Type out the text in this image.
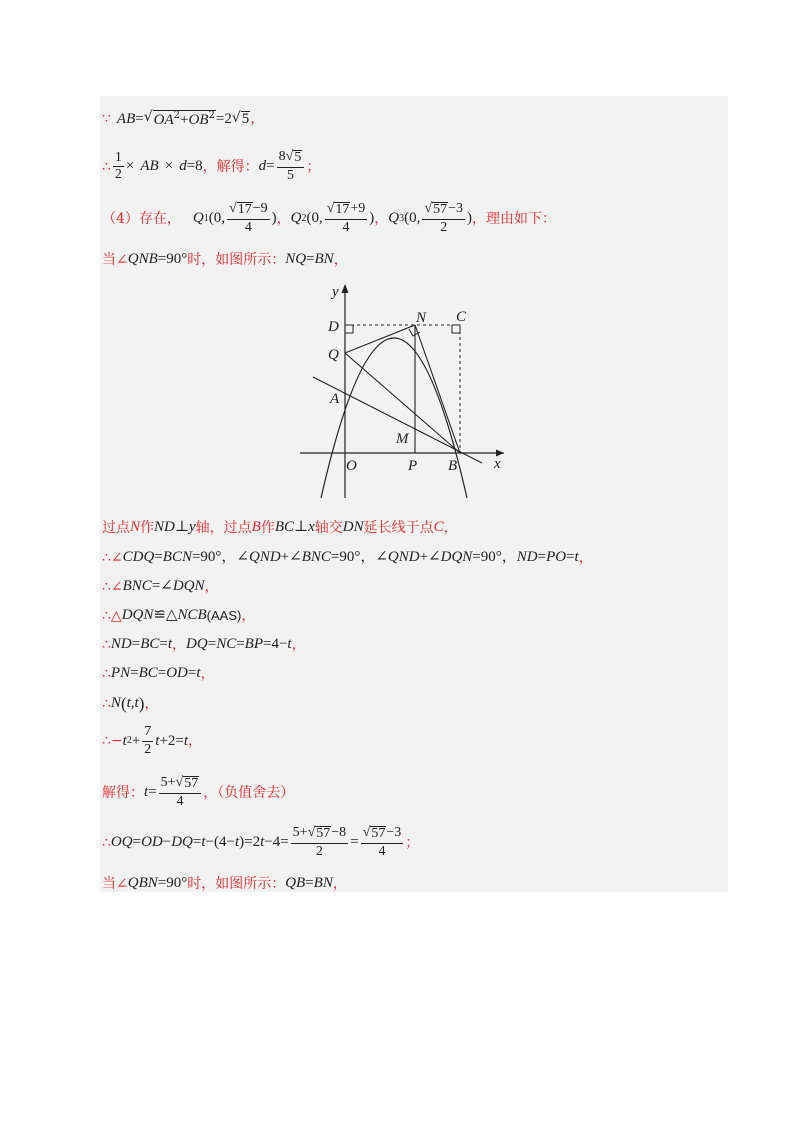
∵ AB = √ $OA^2+OB^2 =2$ √ 5 ，
∴ $\frac{1}{2}$ × AB × d =8 ，解得： $d = \frac{8 √ 5}{5}$ ；
（4）存在， Q 1 (0, $\frac{√ 17 -9}{4}$ ) ， Q 2 (0, $\frac{√ 17 +9}{4}$ ) ， Q 3 (0, $\frac{√ 57 -3}{2}$ ) ，理由如下：
当∠ QNB =90° 时，如图所示： NQ = BN ，
y
x
O	P B
D
N C
Q
A
M
过点 N 作 ND ⊥ y 轴，过点 B 作 BC ⊥ x 轴交 DN 延长线于点 C ，
∴∠ CDQ = BCN =90°，∠ QND +∠ BNC =90°，∠ QND +∠ DQN =90°， ND = PO = t ，
∴∠ BNC =∠ DQN ，
∴△ DQN ≌△ NCB (AAS) ，
∴ ND = BC = t ， DQ = NC = BP =4− t ，
∴ PN = BC = OD = t ，
∴ N ( t , t ) ，
∴− t $2 + \frac{7}{2}$ t +2= t ，
解得： $t = \frac{5+ √ 57}{4}$ ，（负值舍去）
∴ OQ = OD − DQ = t −(4− t )=2 $t -4= \frac{5+ √ 57 -8}{2} = \frac{√ 57 -3}{4}$ ；
当∠ QBN =90° 时，如图所示： QB = BN ，
